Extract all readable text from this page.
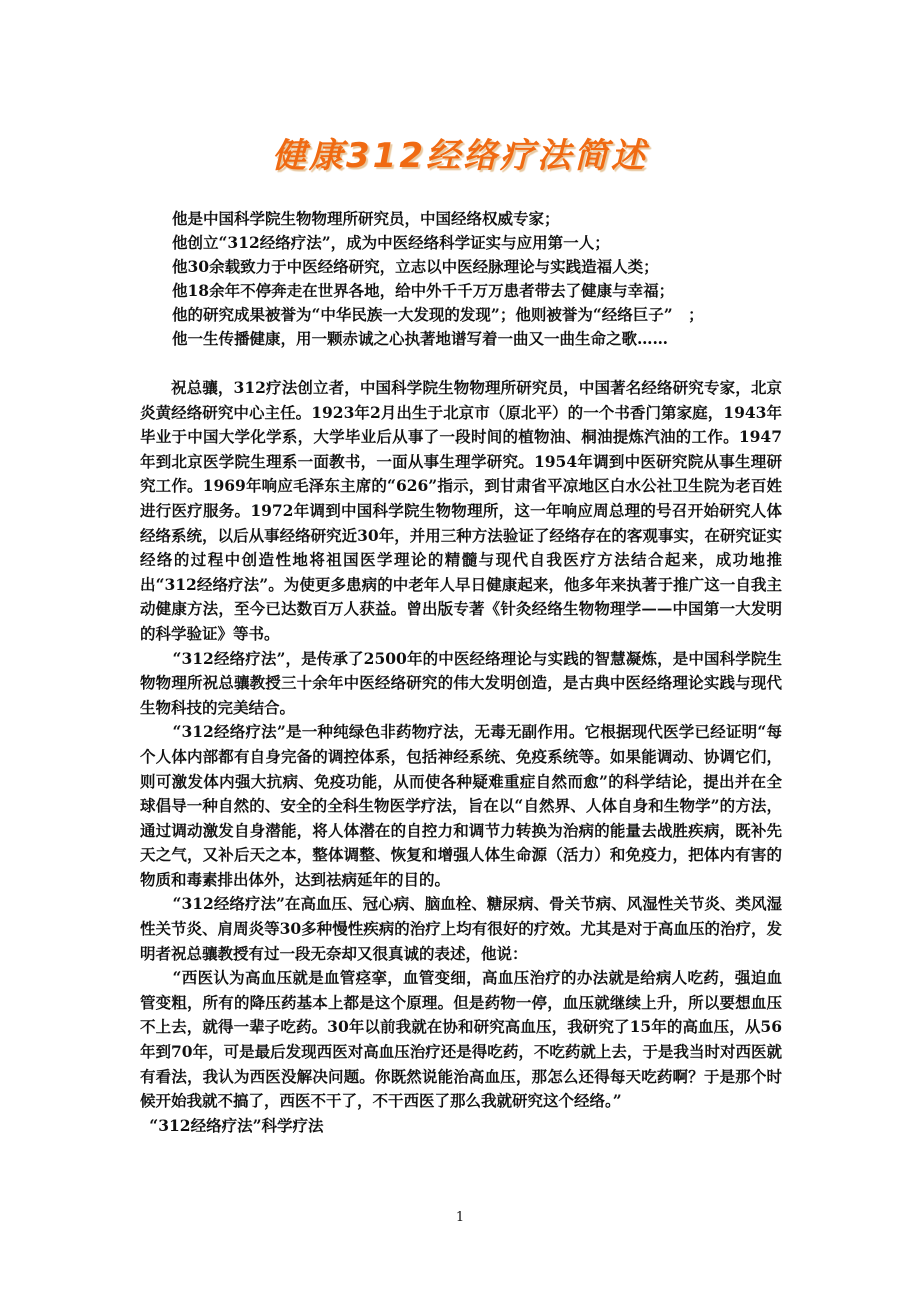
健康312经络疗法简述

他是中国科学院生物物理所研究员，中国经络权威专家；

他创立“312经络疗法”，成为中医经络科学证实与应用第一人；

他30余载致力于中医经络研究，立志以中医经脉理论与实践造福人类；

他18余年不停奔走在世界各地，给中外千千万万患者带去了健康与幸福；

他的研究成果被誉为“中华民族一大发现的发现”；他则被誉为“经络巨子”　；

他一生传播健康，用一颗赤诚之心执著地谱写着一曲又一曲生命之歌……

祝总骧，312疗法创立者，中国科学院生物物理所研究员，中国著名经络研究专家，北京炎黄经络研究中心主任。1923年2月出生于北京市（原北平）的一个书香门第家庭，1943年毕业于中国大学化学系，大学毕业后从事了一段时间的植物油、桐油提炼汽油的工作。1947年到北京医学院生理系一面教书，一面从事生理学研究。1954年调到中医研究院从事生理研究工作。1969年响应毛泽东主席的“626”指示，到甘肃省平凉地区白水公社卫生院为老百姓进行医疗服务。1972年调到中国科学院生物物理所，这一年响应周总理的号召开始研究人体经络系统，以后从事经络研究近30年，并用三种方法验证了经络存在的客观事实，在研究证实经络的过程中创造性地将祖国医学理论的精髓与现代自我医疗方法结合起来，成功地推出“312经络疗法”。为使更多患病的中老年人早日健康起来，他多年来执著于推广这一自我主动健康方法，至今已达数百万人获益。曾出版专著《针灸经络生物物理学——中国第一大发明的科学验证》等书。

“312经络疗法”，是传承了2500年的中医经络理论与实践的智慧凝炼，是中国科学院生物物理所祝总骧教授三十余年中医经络研究的伟大发明创造，是古典中医经络理论实践与现代生物科技的完美结合。

“312经络疗法”是一种纯绿色非药物疗法，无毒无副作用。它根据现代医学已经证明“每个人体内部都有自身完备的调控体系，包括神经系统、免疫系统等。如果能调动、协调它们，则可激发体内强大抗病、免疫功能，从而使各种疑难重症自然而愈”的科学结论，提出并在全球倡导一种自然的、安全的全科生物医学疗法，旨在以“自然界、人体自身和生物学”的方法，通过调动激发自身潜能，将人体潜在的自控力和调节力转换为治病的能量去战胜疾病，既补先天之气，又补后天之本，整体调整、恢复和增强人体生命源（活力）和免疫力，把体内有害的物质和毒素排出体外，达到祛病延年的目的。

“312经络疗法”在高血压、冠心病、脑血栓、糖尿病、骨关节病、风湿性关节炎、类风湿性关节炎、肩周炎等30多种慢性疾病的治疗上均有很好的疗效。尤其是对于高血压的治疗，发明者祝总骧教授有过一段无奈却又很真诚的表述，他说：

“西医认为高血压就是血管痉挛，血管变细，高血压治疗的办法就是给病人吃药，强迫血管变粗，所有的降压药基本上都是这个原理。但是药物一停，血压就继续上升，所以要想血压不上去，就得一辈子吃药。30年以前我就在协和研究高血压，我研究了15年的高血压，从56年到70年，可是最后发现西医对高血压治疗还是得吃药，不吃药就上去，于是我当时对西医就有看法，我认为西医没解决问题。你既然说能治高血压，那怎么还得每天吃药啊？于是那个时候开始我就不搞了，西医不干了，不干西医了那么我就研究这个经络。”

“312经络疗法”科学疗法

1
